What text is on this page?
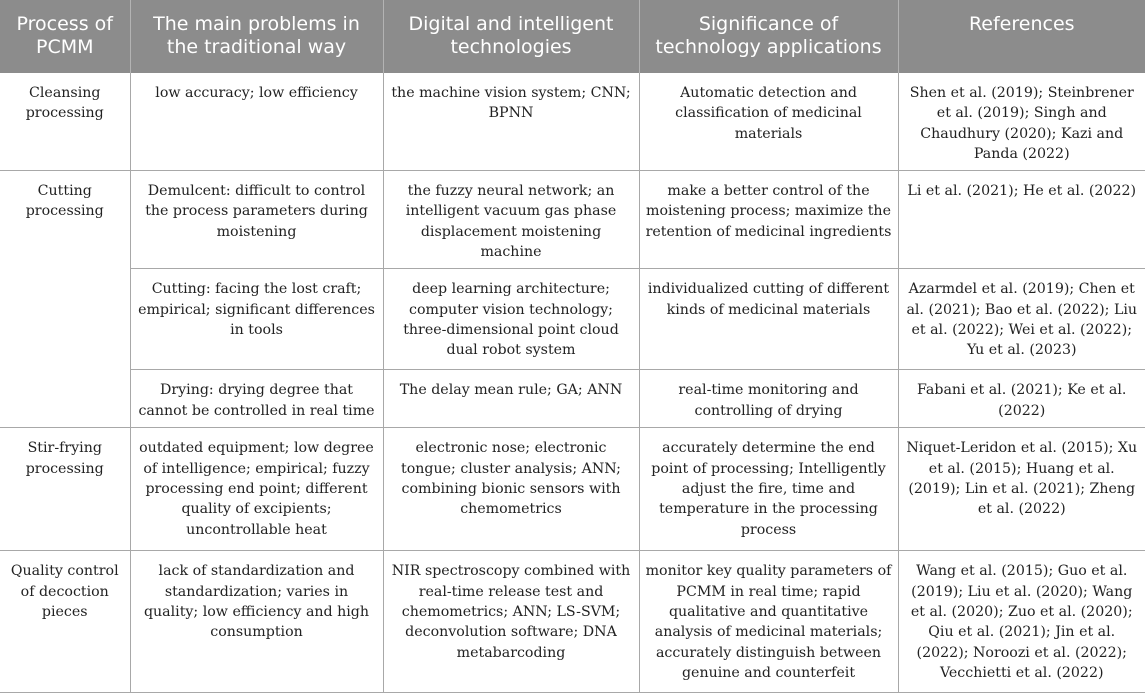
Process of PCMM	The main problems in the traditional way	Digital and intelligent technologies	Significance of technology applications	References
Cleansing processing	low accuracy; low efficiency	the machine vision system; CNN; BPNN	Automatic detection and classification of medicinal materials	Shen et al. (2019); Steinbrener et al. (2019); Singh and Chaudhury (2020); Kazi and Panda (2022)
Cutting processing	Demulcent: difficult to control the process parameters during moistening	the fuzzy neural network; an intelligent vacuum gas phase displacement moistening machine	make a better control of the moistening process; maximize the retention of medicinal ingredients	Li et al. (2021); He et al. (2022)
	Cutting: facing the lost craft; empirical; significant differences in tools	deep learning architecture; computer vision technology; three-dimensional point cloud dual robot system	individualized cutting of different kinds of medicinal materials	Azarmdel et al. (2019); Chen et al. (2021); Bao et al. (2022); Liu et al. (2022); Wei et al. (2022); Yu et al. (2023)
	Drying: drying degree that cannot be controlled in real time	The delay mean rule; GA; ANN	real-time monitoring and controlling of drying	Fabani et al. (2021); Ke et al. (2022)
Stir-frying processing	outdated equipment; low degree of intelligence; empirical; fuzzy processing end point; different quality of excipients; uncontrollable heat	electronic nose; electronic tongue; cluster analysis; ANN; combining bionic sensors with chemometrics	accurately determine the end point of processing; Intelligently adjust the fire, time and temperature in the processing process	Niquet-Leridon et al. (2015); Xu et al. (2015); Huang et al. (2019); Lin et al. (2021); Zheng et al. (2022)
Quality control of decoction pieces	lack of standardization and standardization; varies in quality; low efficiency and high consumption	NIR spectroscopy combined with real-time release test and chemometrics; ANN; LS-SVM; deconvolution software; DNA metabarcoding	monitor key quality parameters of PCMM in real time; rapid qualitative and quantitative analysis of medicinal materials; accurately distinguish between genuine and counterfeit	Wang et al. (2015); Guo et al. (2019); Liu et al. (2020); Wang et al. (2020); Zuo et al. (2020); Qiu et al. (2021); Jin et al. (2022); Noroozi et al. (2022); Vecchietti et al. (2022)
